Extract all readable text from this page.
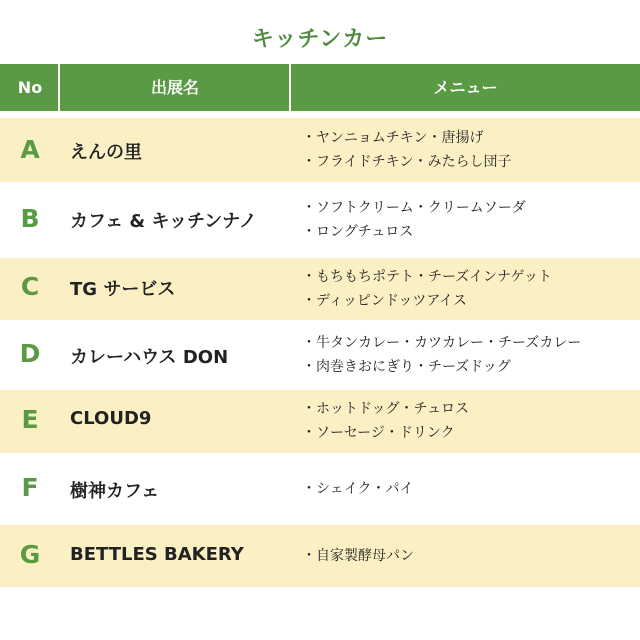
キッチンカー
No	出展名	メニュー
A	えんの里
・ヤンニョムチキン・唐揚げ
・フライドチキン・みたらし団子
B	カフェ & キッチンナノ
・ソフトクリーム・クリームソーダ
・ロングチュロス
C	TG サービス
・もちもちポテト・チーズインナゲット
・ディッピンドッツアイス
D	カレーハウス DON
・牛タンカレー・カツカレー・チーズカレー
・肉巻きおにぎり・チーズドッグ
E	CLOUD9	・ホットドッグ・チュロス
・ソーセージ・ドリンク
F	樹神カフェ	・シェイク・パイ
G	BETTLES BAKERY	・自家製酵母パン
